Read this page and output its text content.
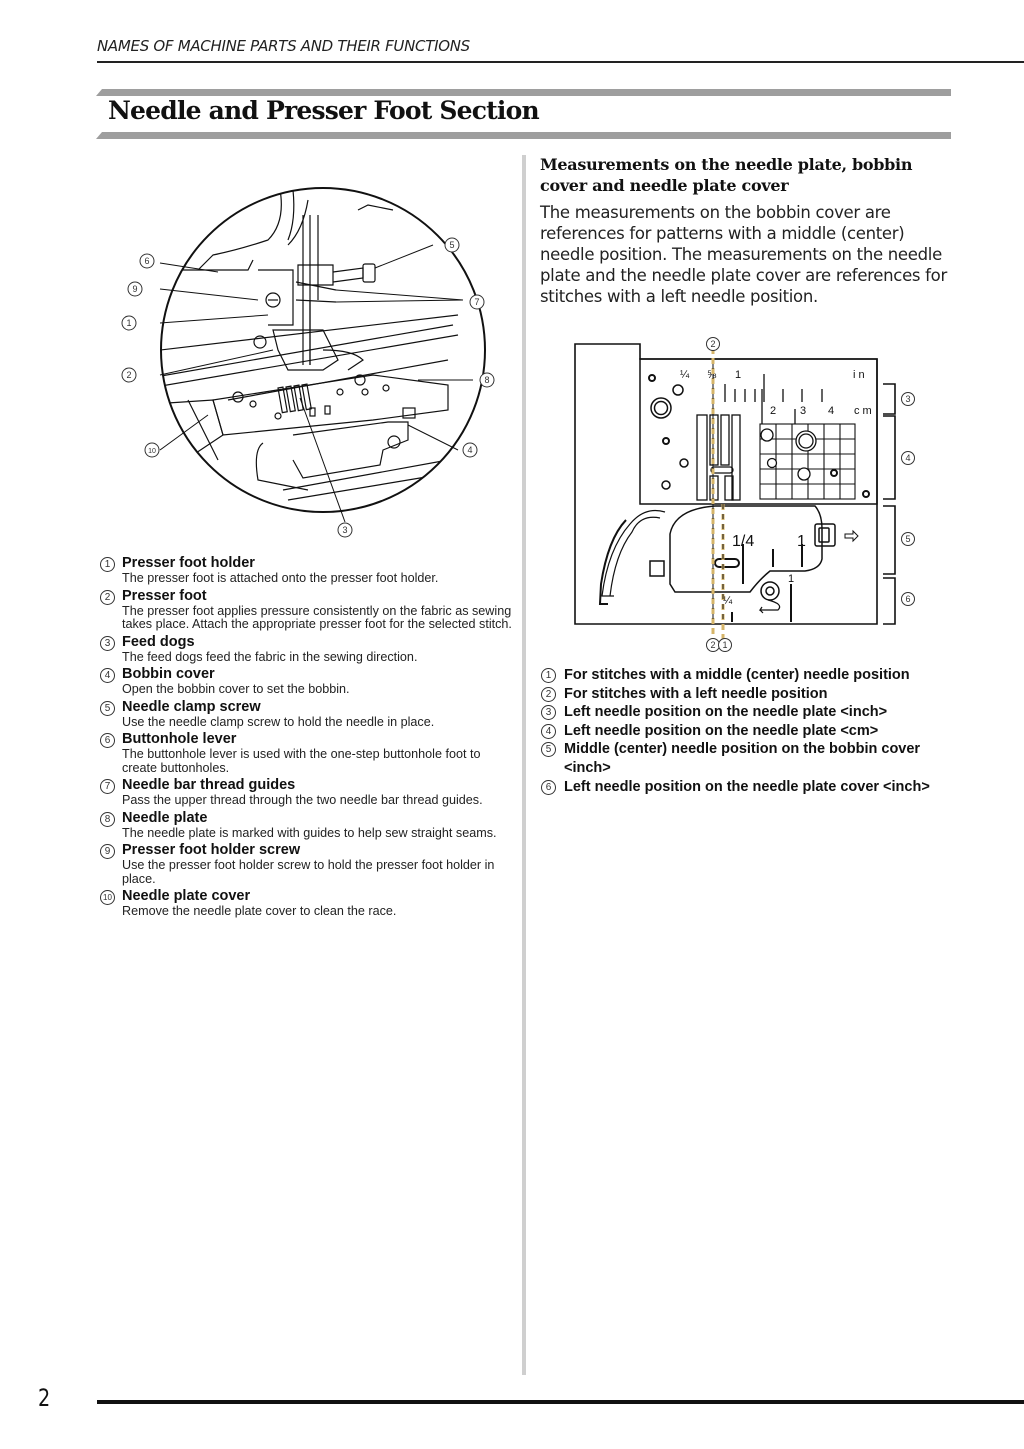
NAMES OF MACHINE PARTS AND THEIR FUNCTIONS
Needle and Presser Foot Section
6
9
1
2
5
7
8
4
10
3
1 Presser foot holder
The presser foot is attached onto the presser foot holder.
2 Presser foot
The presser foot applies pressure consistently on the fabric as sewing takes place. Attach the appropriate presser foot for the selected stitch.
3 Feed dogs
The feed dogs feed the fabric in the sewing direction.
4 Bobbin cover
Open the bobbin cover to set the bobbin.
5 Needle clamp screw
Use the needle clamp screw to hold the needle in place.
6 Buttonhole lever
The buttonhole lever is used with the one-step buttonhole foot to create buttonholes.
7 Needle bar thread guides
Pass the upper thread through the two needle bar thread guides.
8 Needle plate
The needle plate is marked with guides to help sew straight seams.
9 Presser foot holder screw
Use the presser foot holder screw to hold the presser foot holder in place.
10 Needle plate cover
Remove the needle plate cover to clean the race.
Measurements on the needle plate, bobbin cover and needle plate cover

The measurements on the bobbin cover are references for patterns with a middle (center) needle position. The measurements on the needle plate and the needle plate cover are references for stitches with a left needle position.

¼ ⅝ 1	i n
2 3 4 c m
1/4	1
¼
1
2
2 1
3
4
5
6
1 For stitches with a middle (center) needle position
2 For stitches with a left needle position
3 Left needle position on the needle plate <inch>
4 Left needle position on the needle plate <cm>
5 Middle (center) needle position on the bobbin cover <inch>
6 Left needle position on the needle plate cover <inch>
2
